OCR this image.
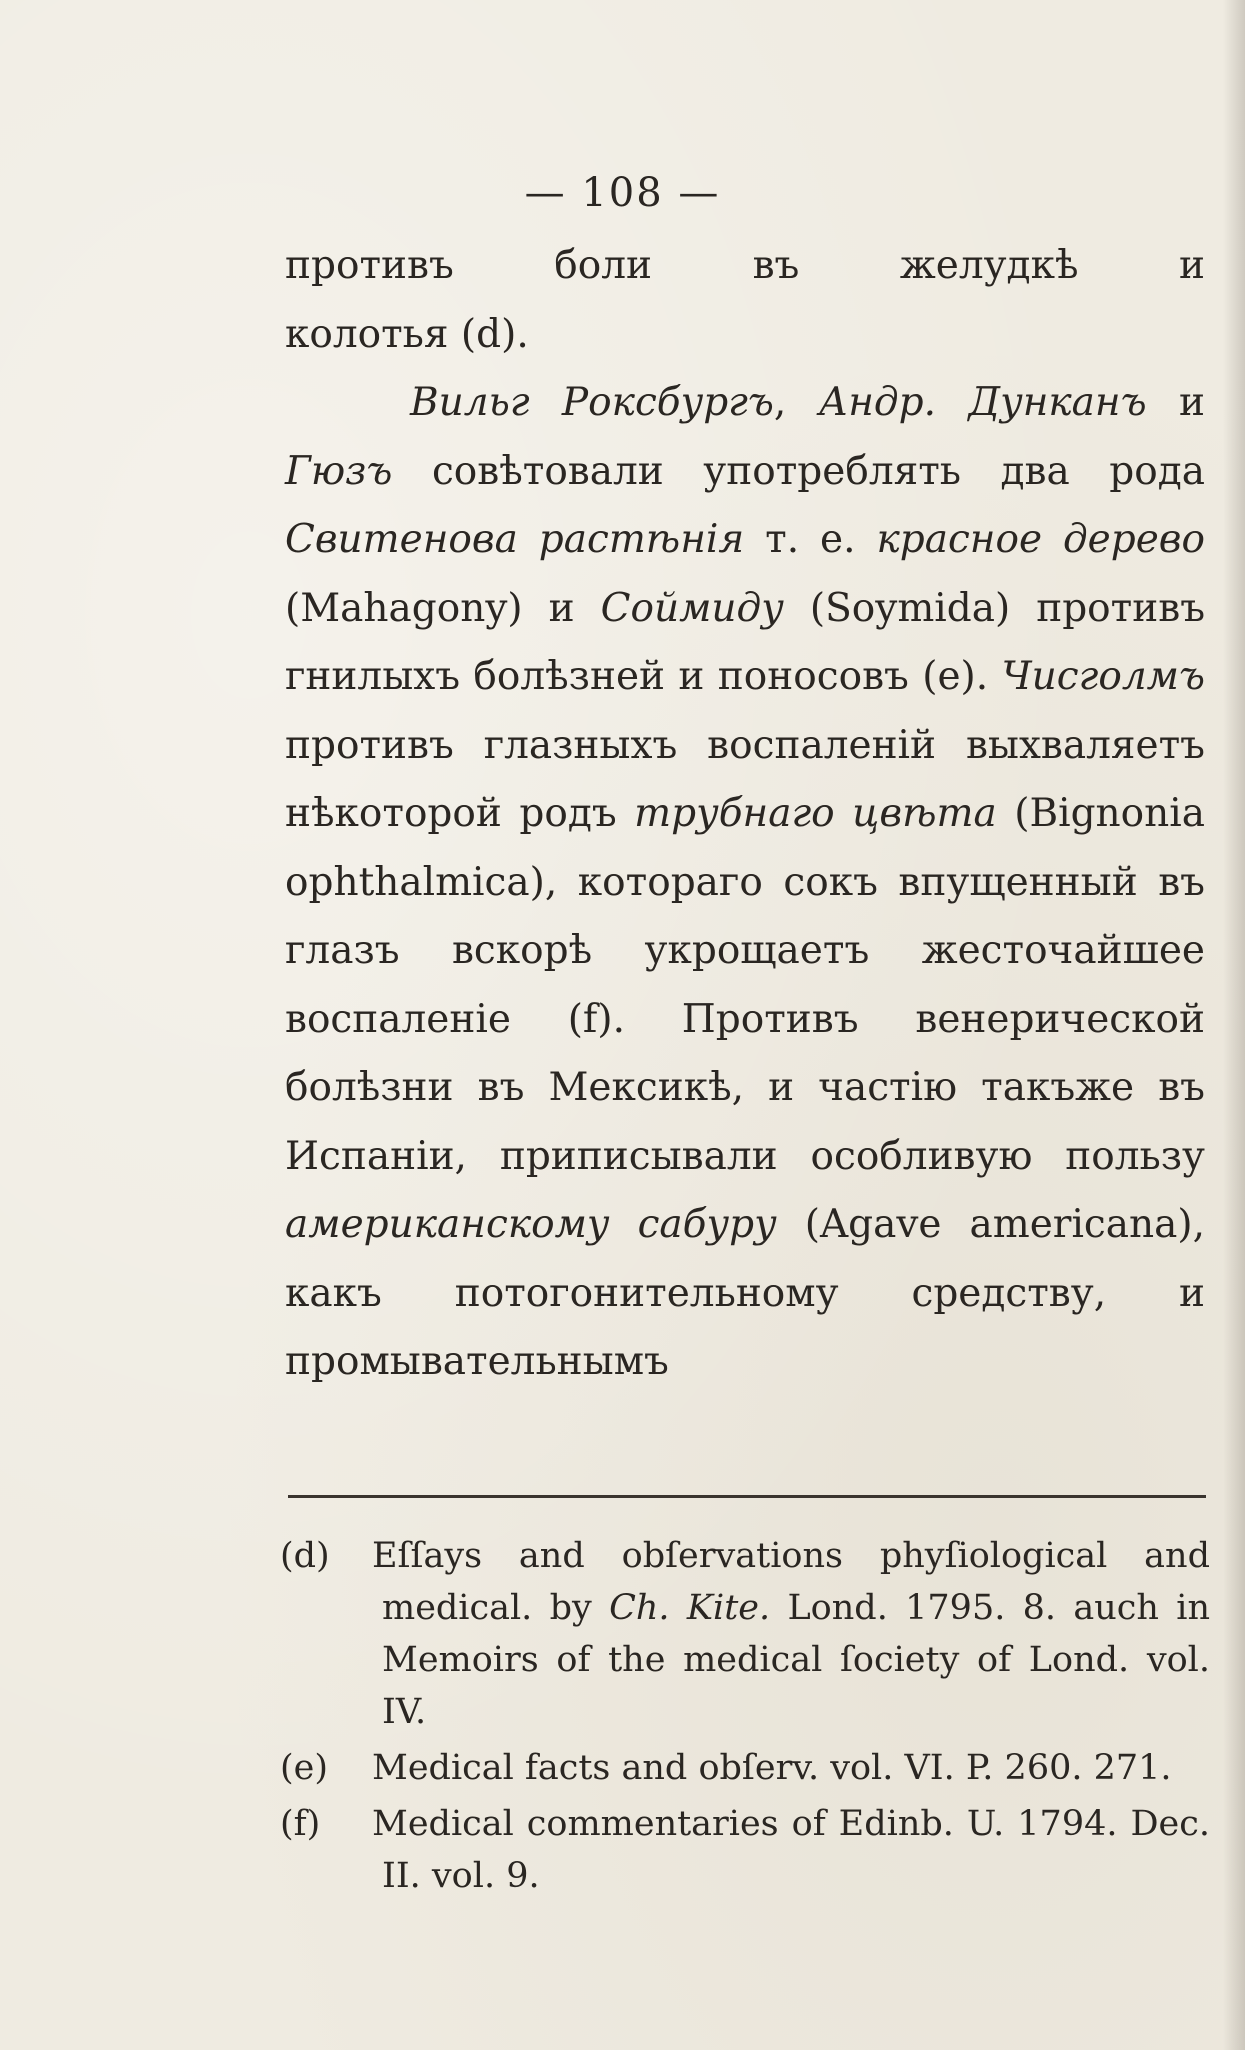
— 108 —

противъ боли въ желудкѣ и

колотья (d).

Вильг Роксбургъ, Андр. Дунканъ и Гюзъ совѣтовали употреблять два рода Свитенова растѣнія т. е. красное дерево (Mahagony) и Соймиду (Soymida) противъ гнилыхъ болѣзней и поносовъ (e). Чисголмъ противъ глазныхъ воспаленій выхваляетъ нѣкоторой родъ трубнаго цвѣта (Bignonia ophthalmica), котораго сокъ впущенный въ глазъ вскорѣ укрощаетъ жесточайшее воспаленіе (f). Противъ венерической болѣзни въ Мексикѣ, и частію такъже въ Испаніи, приписывали особливую пользу американскому сабуру (Agave americana), какъ потогонительному средству, и промывательнымъ

(d) Eſſays and obſervations phyſiological and medical. by Ch. Kite. Lond. 1795. 8. auch in Memoirs of the medical ſociety of Lond. vol. IV.

(e) Medical facts and obſerv. vol. VI. P. 260. 271.

(f) Medical commentaries of Edinb. U. 1794. Dec. II. vol. 9.
